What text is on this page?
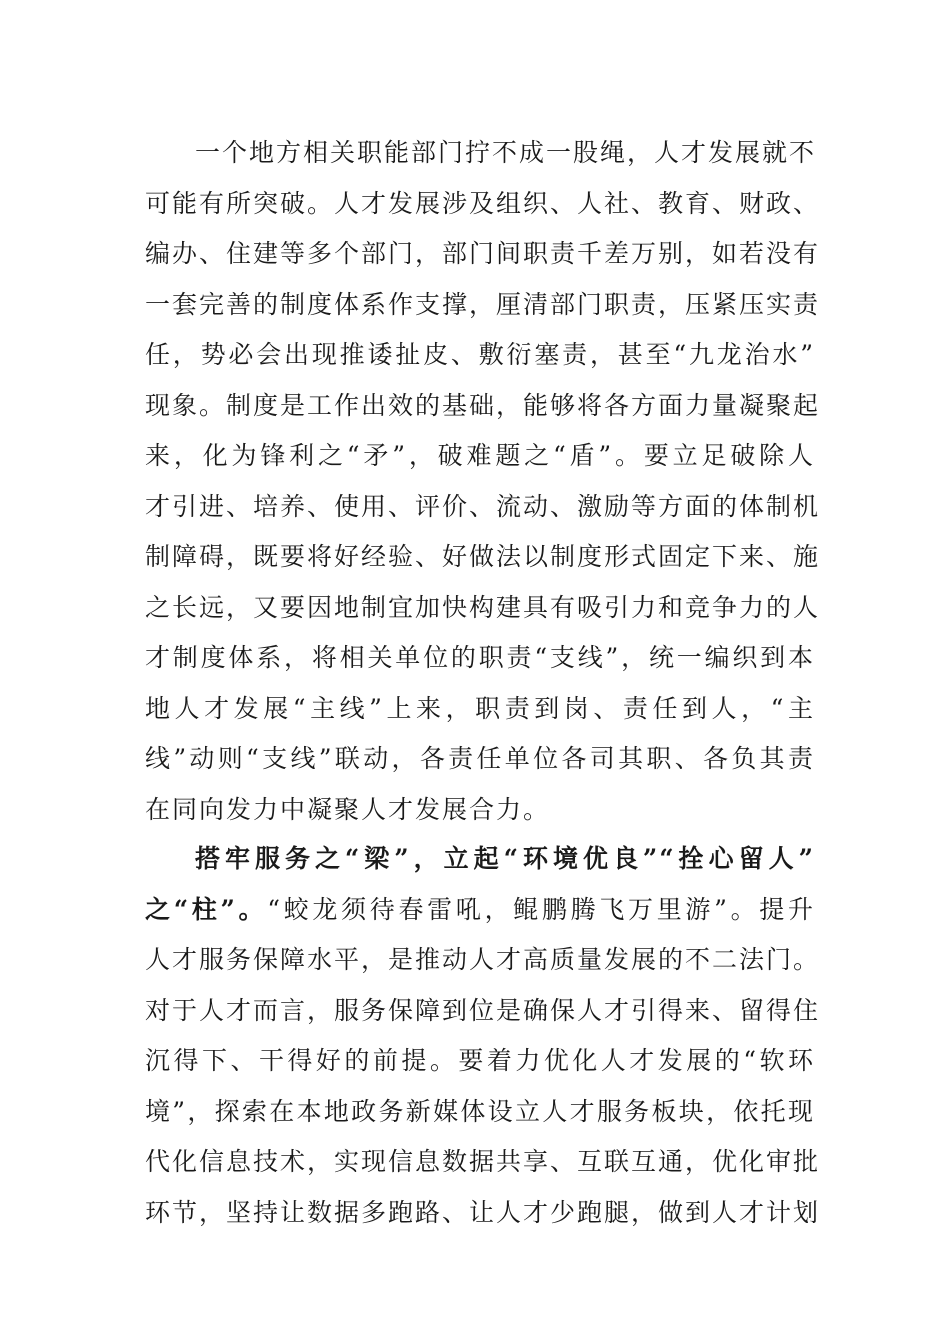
一个地方相关职能部门拧不成一股绳，人才发展就不
可能有所突破。人才发展涉及组织、人社、教育、财政、
编办、住建等多个部门，部门间职责千差万别，如若没有
一套完善的制度体系作支撑，厘清部门职责，压紧压实责
任，势必会出现推诿扯皮、敷衍塞责，甚至“九龙治水”
现象。制度是工作出效的基础，能够将各方面力量凝聚起
来，化为锋利之“矛”，破难题之“盾”。要立足破除人
才引进、培养、使用、评价、流动、激励等方面的体制机
制障碍，既要将好经验、好做法以制度形式固定下来、施
之长远，又要因地制宜加快构建具有吸引力和竞争力的人
才制度体系，将相关单位的职责“支线”，统一编织到本
地人才发展“主线”上来，职责到岗、责任到人，“主
线”动则“支线”联动，各责任单位各司其职、各负其责
在同向发力中凝聚人才发展合力。
搭牢服务之“梁”，立起“环境优良”“拴心留人”
之“柱”。“蛟龙须待春雷吼，鲲鹏腾飞万里游”。提升
人才服务保障水平，是推动人才高质量发展的不二法门。
对于人才而言，服务保障到位是确保人才引得来、留得住
沉得下、干得好的前提。要着力优化人才发展的“软环
境”，探索在本地政务新媒体设立人才服务板块，依托现
代化信息技术，实现信息数据共享、互联互通，优化审批
环节，坚持让数据多跑路、让人才少跑腿，做到人才计划
